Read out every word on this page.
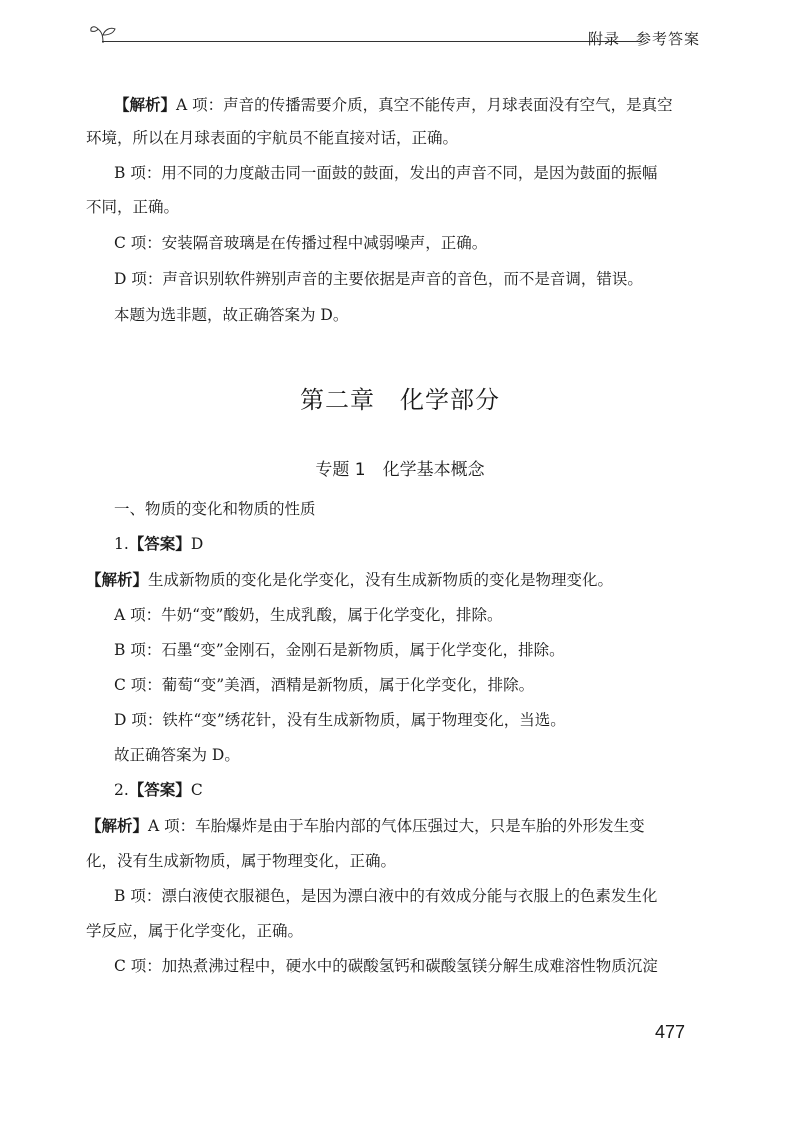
附录　参考答案
【解析】A 项：声音的传播需要介质，真空不能传声，月球表面没有空气，是真空
环境，所以在月球表面的宇航员不能直接对话，正确。
B 项：用不同的力度敲击同一面鼓的鼓面，发出的声音不同，是因为鼓面的振幅
不同，正确。
C 项：安装隔音玻璃是在传播过程中减弱噪声，正确。
D 项：声音识别软件辨别声音的主要依据是声音的音色，而不是音调，错误。
本题为选非题，故正确答案为 D。
第二章　化学部分
专题 1　化学基本概念
一、物质的变化和物质的性质
1.【答案】D
【解析】生成新物质的变化是化学变化，没有生成新物质的变化是物理变化。
A 项：牛奶“变”酸奶，生成乳酸，属于化学变化，排除。
B 项：石墨“变”金刚石，金刚石是新物质，属于化学变化，排除。
C 项：葡萄“变”美酒，酒精是新物质，属于化学变化，排除。
D 项：铁杵“变”绣花针，没有生成新物质，属于物理变化，当选。
故正确答案为 D。
2.【答案】C
【解析】A 项：车胎爆炸是由于车胎内部的气体压强过大，只是车胎的外形发生变
化，没有生成新物质，属于物理变化，正确。
B 项：漂白液使衣服褪色，是因为漂白液中的有效成分能与衣服上的色素发生化
学反应，属于化学变化，正确。
C 项：加热煮沸过程中，硬水中的碳酸氢钙和碳酸氢镁分解生成难溶性物质沉淀
477
